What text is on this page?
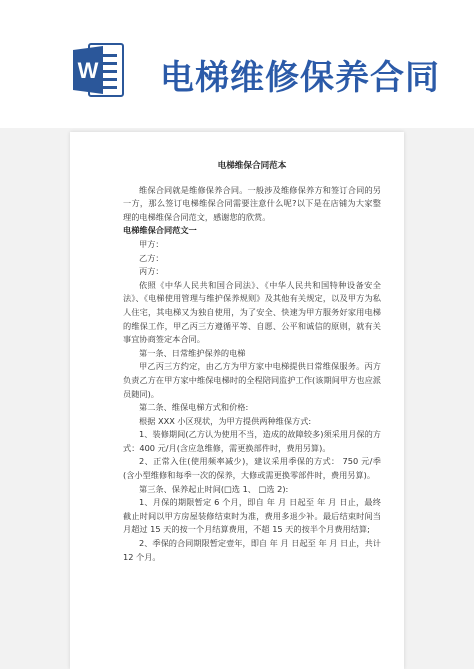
W 电梯维修保养合同

电梯维保合同范本

维保合同就是维修保养合同。一般涉及维修保养方和签订合同的另一方，那么签订电梯维保合同需要注意什么呢?以下是在店铺为大家整理的电梯维保合同范文，感谢您的欣赏。

电梯维保合同范文一

甲方：

乙方：

丙方：

依照《中华人民共和国合同法》、《中华人民共和国特种设备安全法》、《电梯使用管理与维护保养规则》及其他有关规定，以及甲方为私人住宅，其电梯又为独自使用，为了安全、快速为甲方服务好家用电梯的维保工作，甲乙丙三方遵循平等、自愿、公平和诚信的原则，就有关事宜协商签定本合同。

第一条、日常维护保养的电梯

甲乙丙三方约定，由乙方为甲方家中电梯提供日常维保服务。丙方负责乙方在甲方家中维保电梯时的全程陪同监护工作(该期间甲方也应派员随同)。

第二条、维保电梯方式和价格:

根据 XXX 小区现状，为甲方提供两种维保方式:

1、装修期间(乙方认为使用不当，造成的故障较多)须采用月保的方式：400 元/月(含应急维修，需更换部件时，费用另算)。

2、正常入住(使用频率减少)，建议采用季保的方式： 750 元/季(含小型维修和每季一次的保养，大修或需更换零部件时，费用另算)。

第三条、保养起止时间(□选 1、 □选 2):

1、月保的期限暂定 6 个月，即自 年 月 日起至 年 月 日止，最终截止时间以甲方房屋装修结束时为准，费用多退少补。最后结束时间当月超过 15 天的按一个月结算费用，不超 15 天的按半个月费用结算;

2、季保的合同期限暂定壹年，即自 年 月 日起至 年 月 日止，共计 12 个月。
